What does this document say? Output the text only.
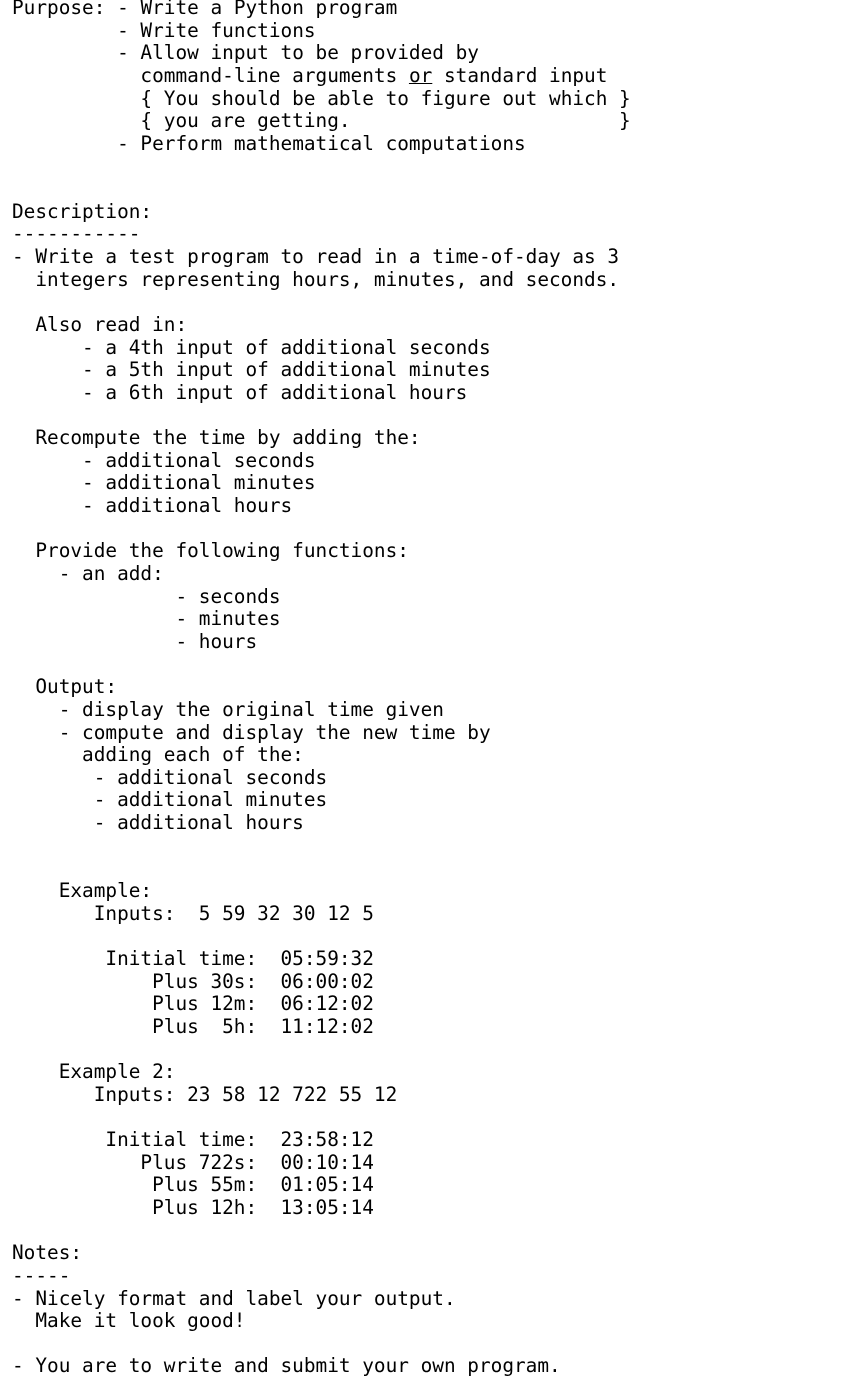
Purpose: - Write a Python program
- Write functions
- Allow input to be provided by
command-line arguments or standard input
{ You should be able to figure out which }
{ you are getting.                       }
- Perform mathematical computations
Description:
-----------
- Write a test program to read in a time-of-day as 3
integers representing hours, minutes, and seconds.
Also read in:
- a 4th input of additional seconds
- a 5th input of additional minutes
- a 6th input of additional hours
Recompute the time by adding the:
- additional seconds
- additional minutes
- additional hours
Provide the following functions:
- an add:
- seconds
- minutes
- hours
Output:
- display the original time given
- compute and display the new time by
adding each of the:
- additional seconds
- additional minutes
- additional hours
Example:
Inputs:  5 59 32 30 12 5
Initial time:  05:59:32
Plus 30s:  06:00:02
Plus 12m:  06:12:02
Plus  5h:  11:12:02
Example 2:
Inputs: 23 58 12 722 55 12
Initial time:  23:58:12
Plus 722s:  00:10:14
Plus 55m:  01:05:14
Plus 12h:  13:05:14
Notes:
-----
- Nicely format and label your output.
Make it look good!
- You are to write and submit your own program.
